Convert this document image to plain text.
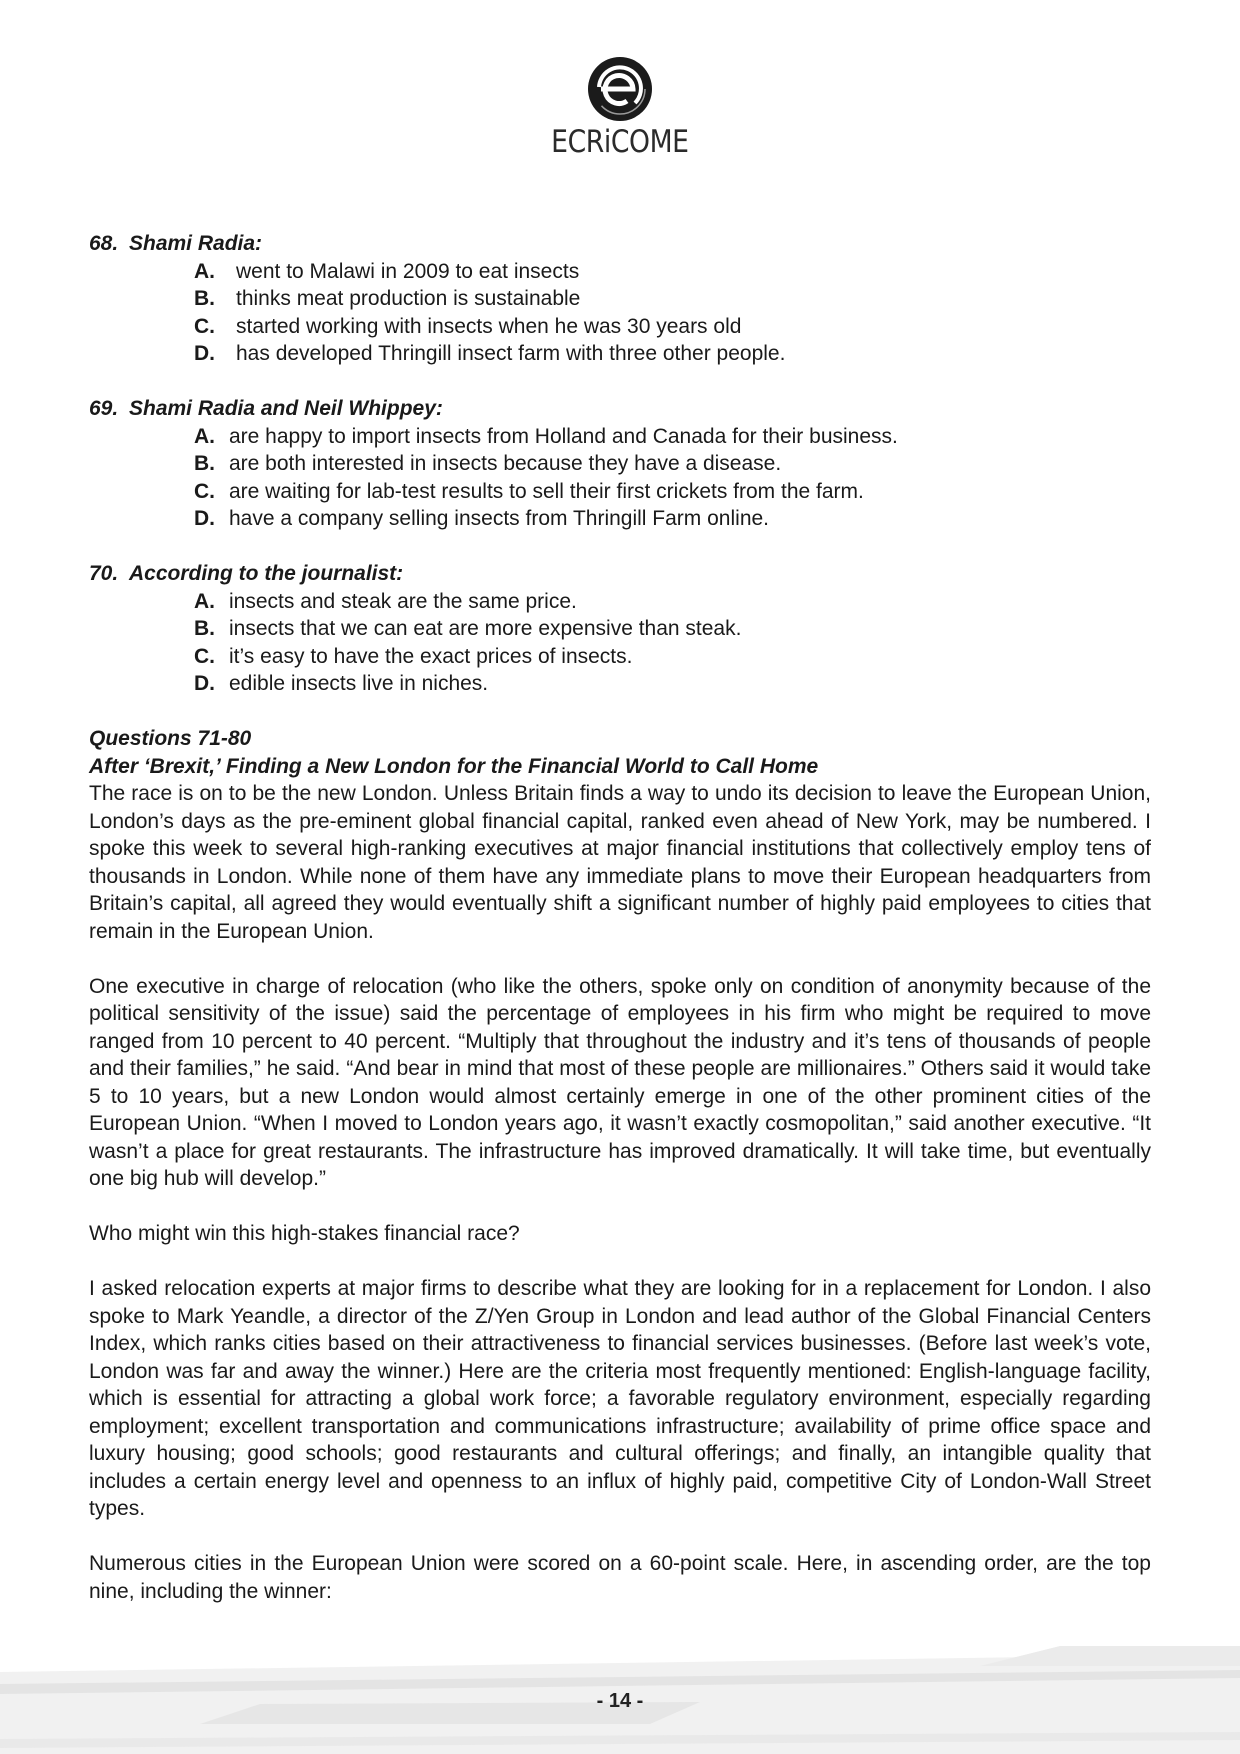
ECRiCOME

68. Shami Radia:

A. went to Malawi in 2009 to eat insects
B. thinks meat production is sustainable
C. started working with insects when he was 30 years old
D. has developed Thringill insect farm with three other people.

69. Shami Radia and Neil Whippey:

A. are happy to import insects from Holland and Canada for their business.
B. are both interested in insects because they have a disease.
C. are waiting for lab-test results to sell their first crickets from the farm.
D. have a company selling insects from Thringill Farm online.

70. According to the journalist:

A. insects and steak are the same price.
B. insects that we can eat are more expensive than steak.
C. it’s easy to have the exact prices of insects.
D. edible insects live in niches.

Questions 71-80

After ‘Brexit,’ Finding a New London for the Financial World to Call Home

The race is on to be the new London. Unless Britain finds a way to undo its decision to leave the European Union, London’s days as the pre-eminent global financial capital, ranked even ahead of New York, may be numbered. I spoke this week to several high-ranking executives at major financial institutions that collectively employ tens of thousands in London. While none of them have any immediate plans to move their European headquarters from Britain’s capital, all agreed they would eventually shift a significant number of highly paid employees to cities that remain in the European Union.

One executive in charge of relocation (who like the others, spoke only on condition of anonymity because of the political sensitivity of the issue) said the percentage of employees in his firm who might be required to move ranged from 10 percent to 40 percent. “Multiply that throughout the industry and it’s tens of thousands of people and their families,” he said. “And bear in mind that most of these people are millionaires.” Others said it would take 5 to 10 years, but a new London would almost certainly emerge in one of the other prominent cities of the European Union. “When I moved to London years ago, it wasn’t exactly cosmopolitan,” said another executive. “It wasn’t a place for great restaurants. The infrastructure has improved dramatically. It will take time, but eventually one big hub will develop.”

Who might win this high-stakes financial race?

I asked relocation experts at major firms to describe what they are looking for in a replacement for London. I also spoke to Mark Yeandle, a director of the Z/Yen Group in London and lead author of the Global Financial Centers Index, which ranks cities based on their attractiveness to financial services businesses. (Before last week’s vote, London was far and away the winner.) Here are the criteria most frequently mentioned: English-language facility, which is essential for attracting a global work force; a favorable regulatory environment, especially regarding employment; excellent transportation and communications infrastructure; availability of prime office space and luxury housing; good schools; good restaurants and cultural offerings; and finally, an intangible quality that includes a certain energy level and openness to an influx of highly paid, competitive City of London-Wall Street types.

Numerous cities in the European Union were scored on a 60-point scale. Here, in ascending order, are the top nine, including the winner:

- 14 -
